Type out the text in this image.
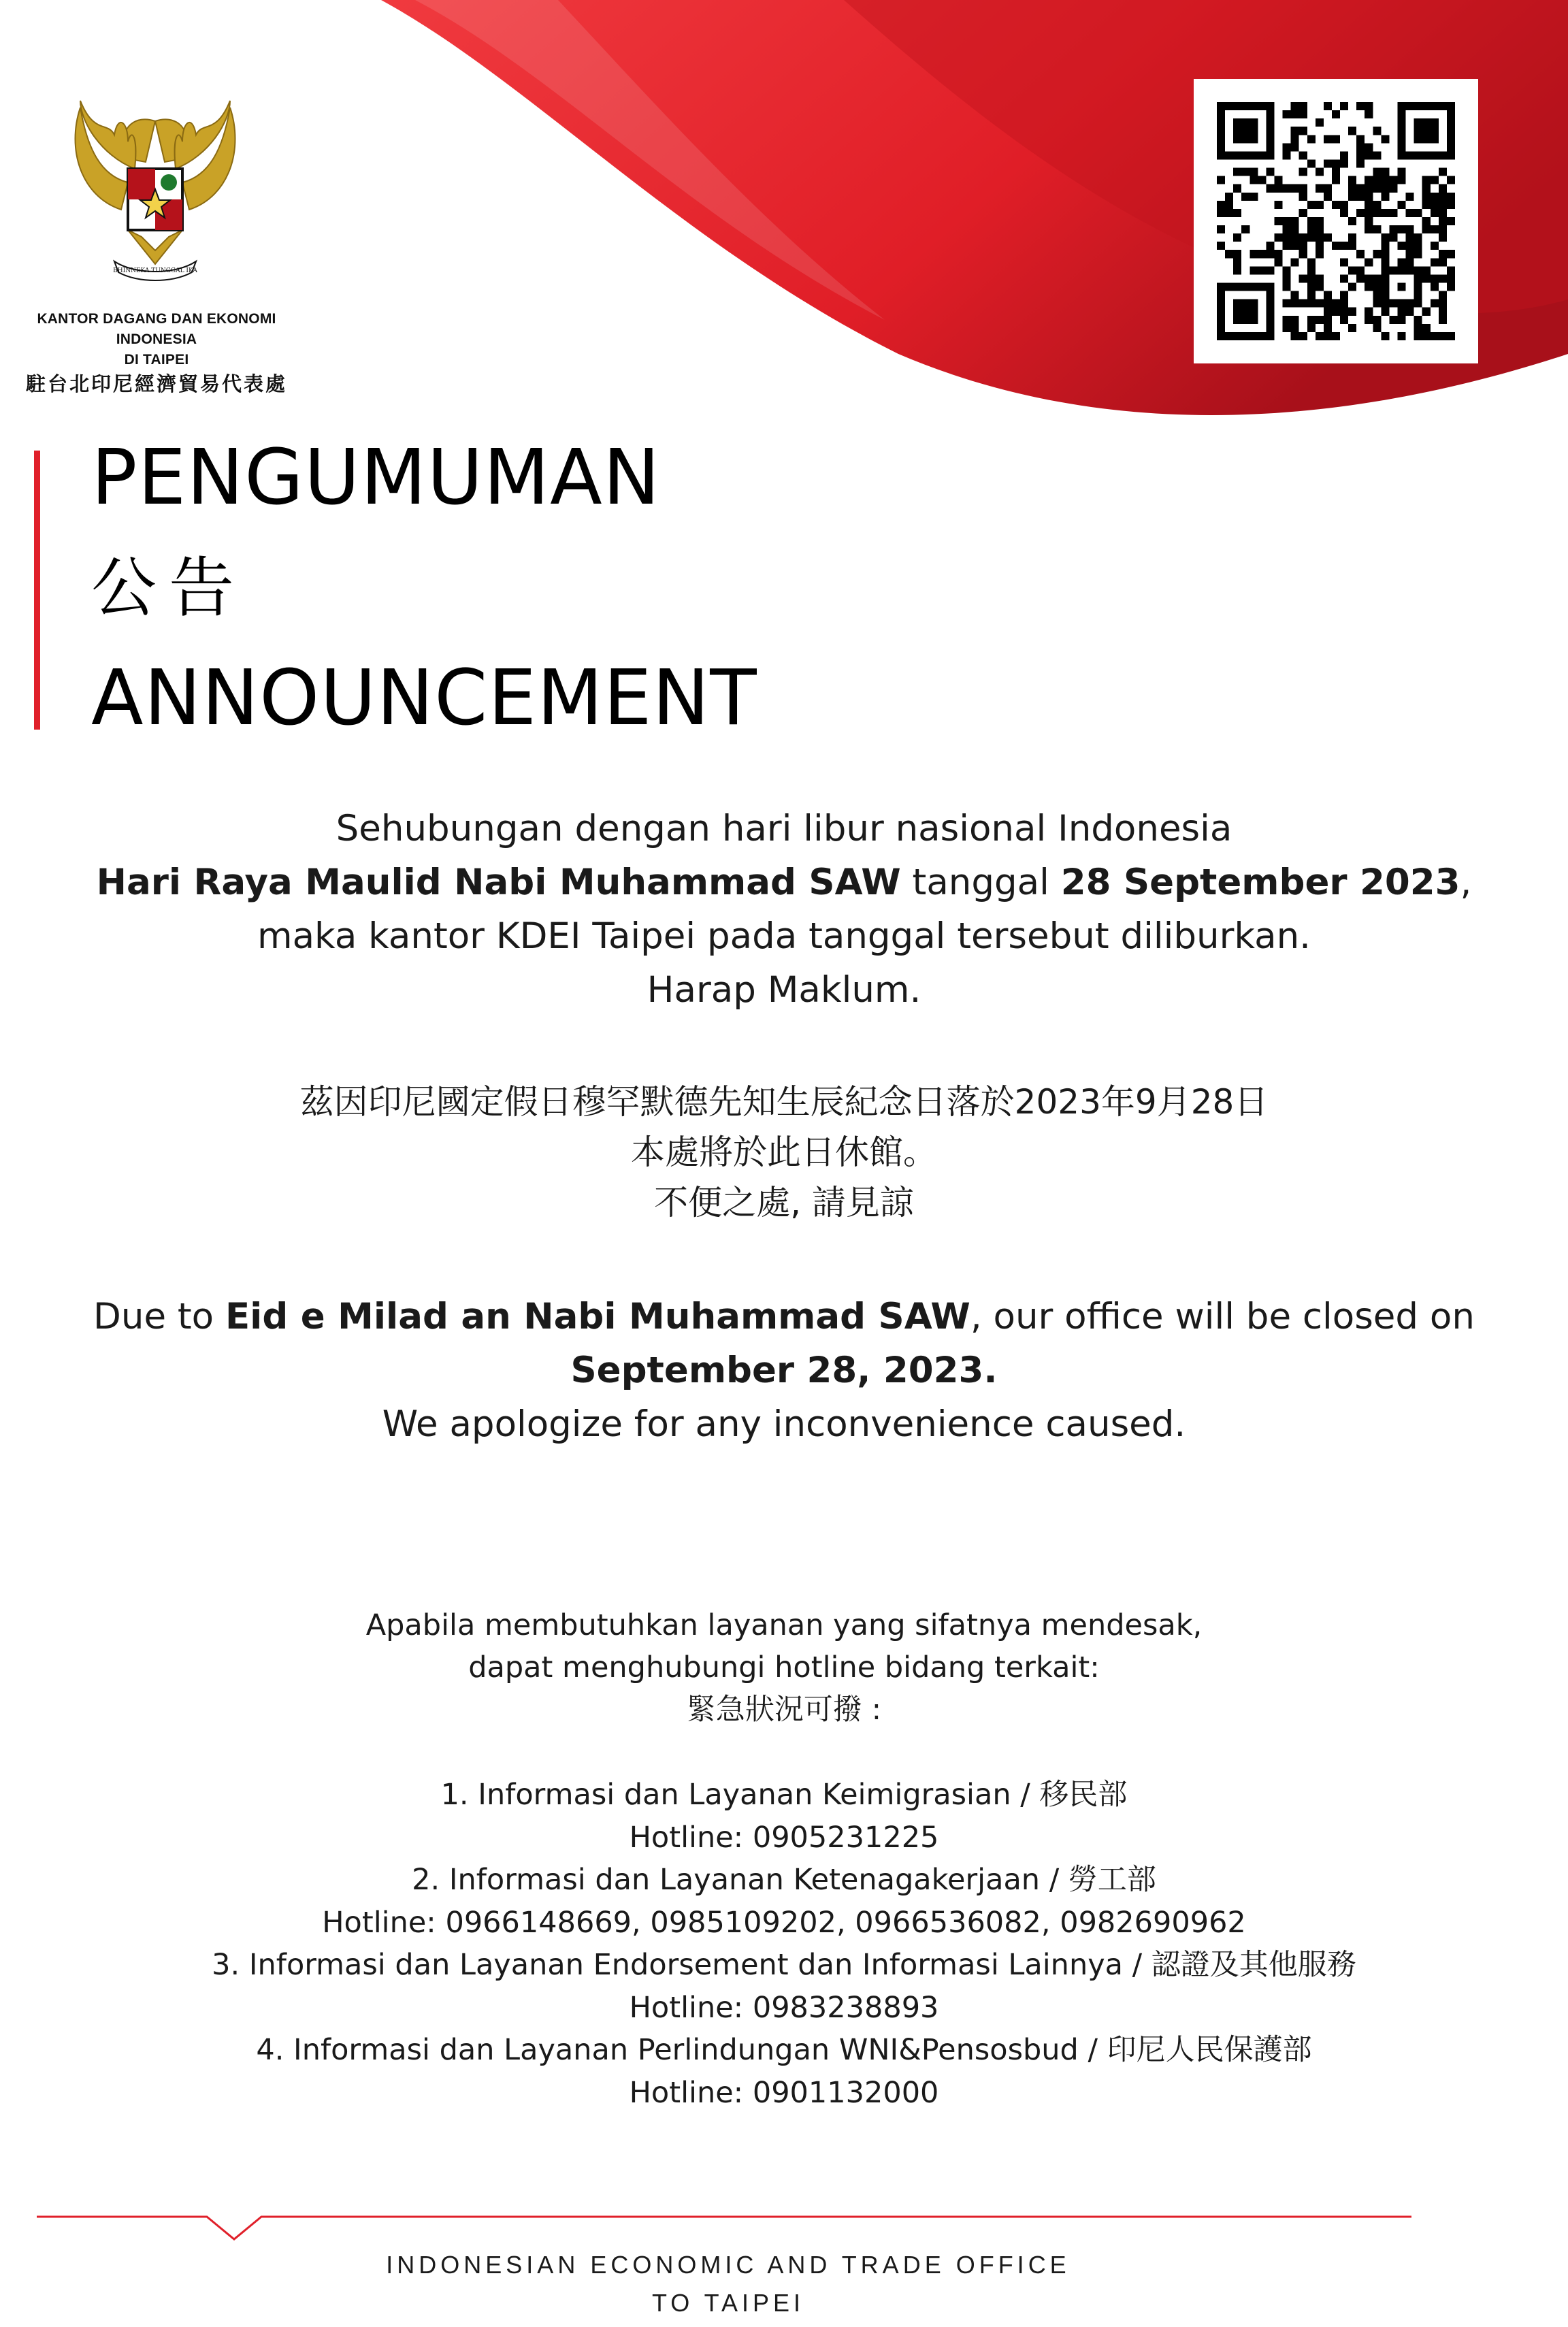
BHINNEKA TUNGGAL IKA
KANTOR DAGANG DAN EKONOMI INDONESIA
DI TAIPEI
駐台北印尼經濟貿易代表處
PENGUMUMAN
公告
ANNOUNCEMENT
Sehubungan dengan hari libur nasional Indonesia
Hari Raya Maulid Nabi Muhammad SAW tanggal 28 September 2023,
maka kantor KDEI Taipei pada tanggal tersebut diliburkan.
Harap Maklum.
茲因印尼國定假日穆罕默德先知生辰紀念日落於2023年9月28日
本處將於此日休館。
不便之處, 請見諒
Due to Eid e Milad an Nabi Muhammad SAW, our office will be closed on
September 28, 2023.
We apologize for any inconvenience caused.
Apabila membutuhkan layanan yang sifatnya mendesak,
dapat menghubungi hotline bidang terkait:
緊急狀況可撥 :
1. Informasi dan Layanan Keimigrasian / 移民部
Hotline: 0905231225
2. Informasi dan Layanan Ketenagakerjaan / 勞工部
Hotline: 0966148669, 0985109202, 0966536082, 0982690962
3. Informasi dan Layanan Endorsement dan Informasi Lainnya / 認證及其他服務
Hotline: 0983238893
4. Informasi dan Layanan Perlindungan WNI&Pensosbud / 印尼人民保護部
Hotline: 0901132000
INDONESIAN ECONOMIC AND TRADE OFFICE
TO TAIPEI
